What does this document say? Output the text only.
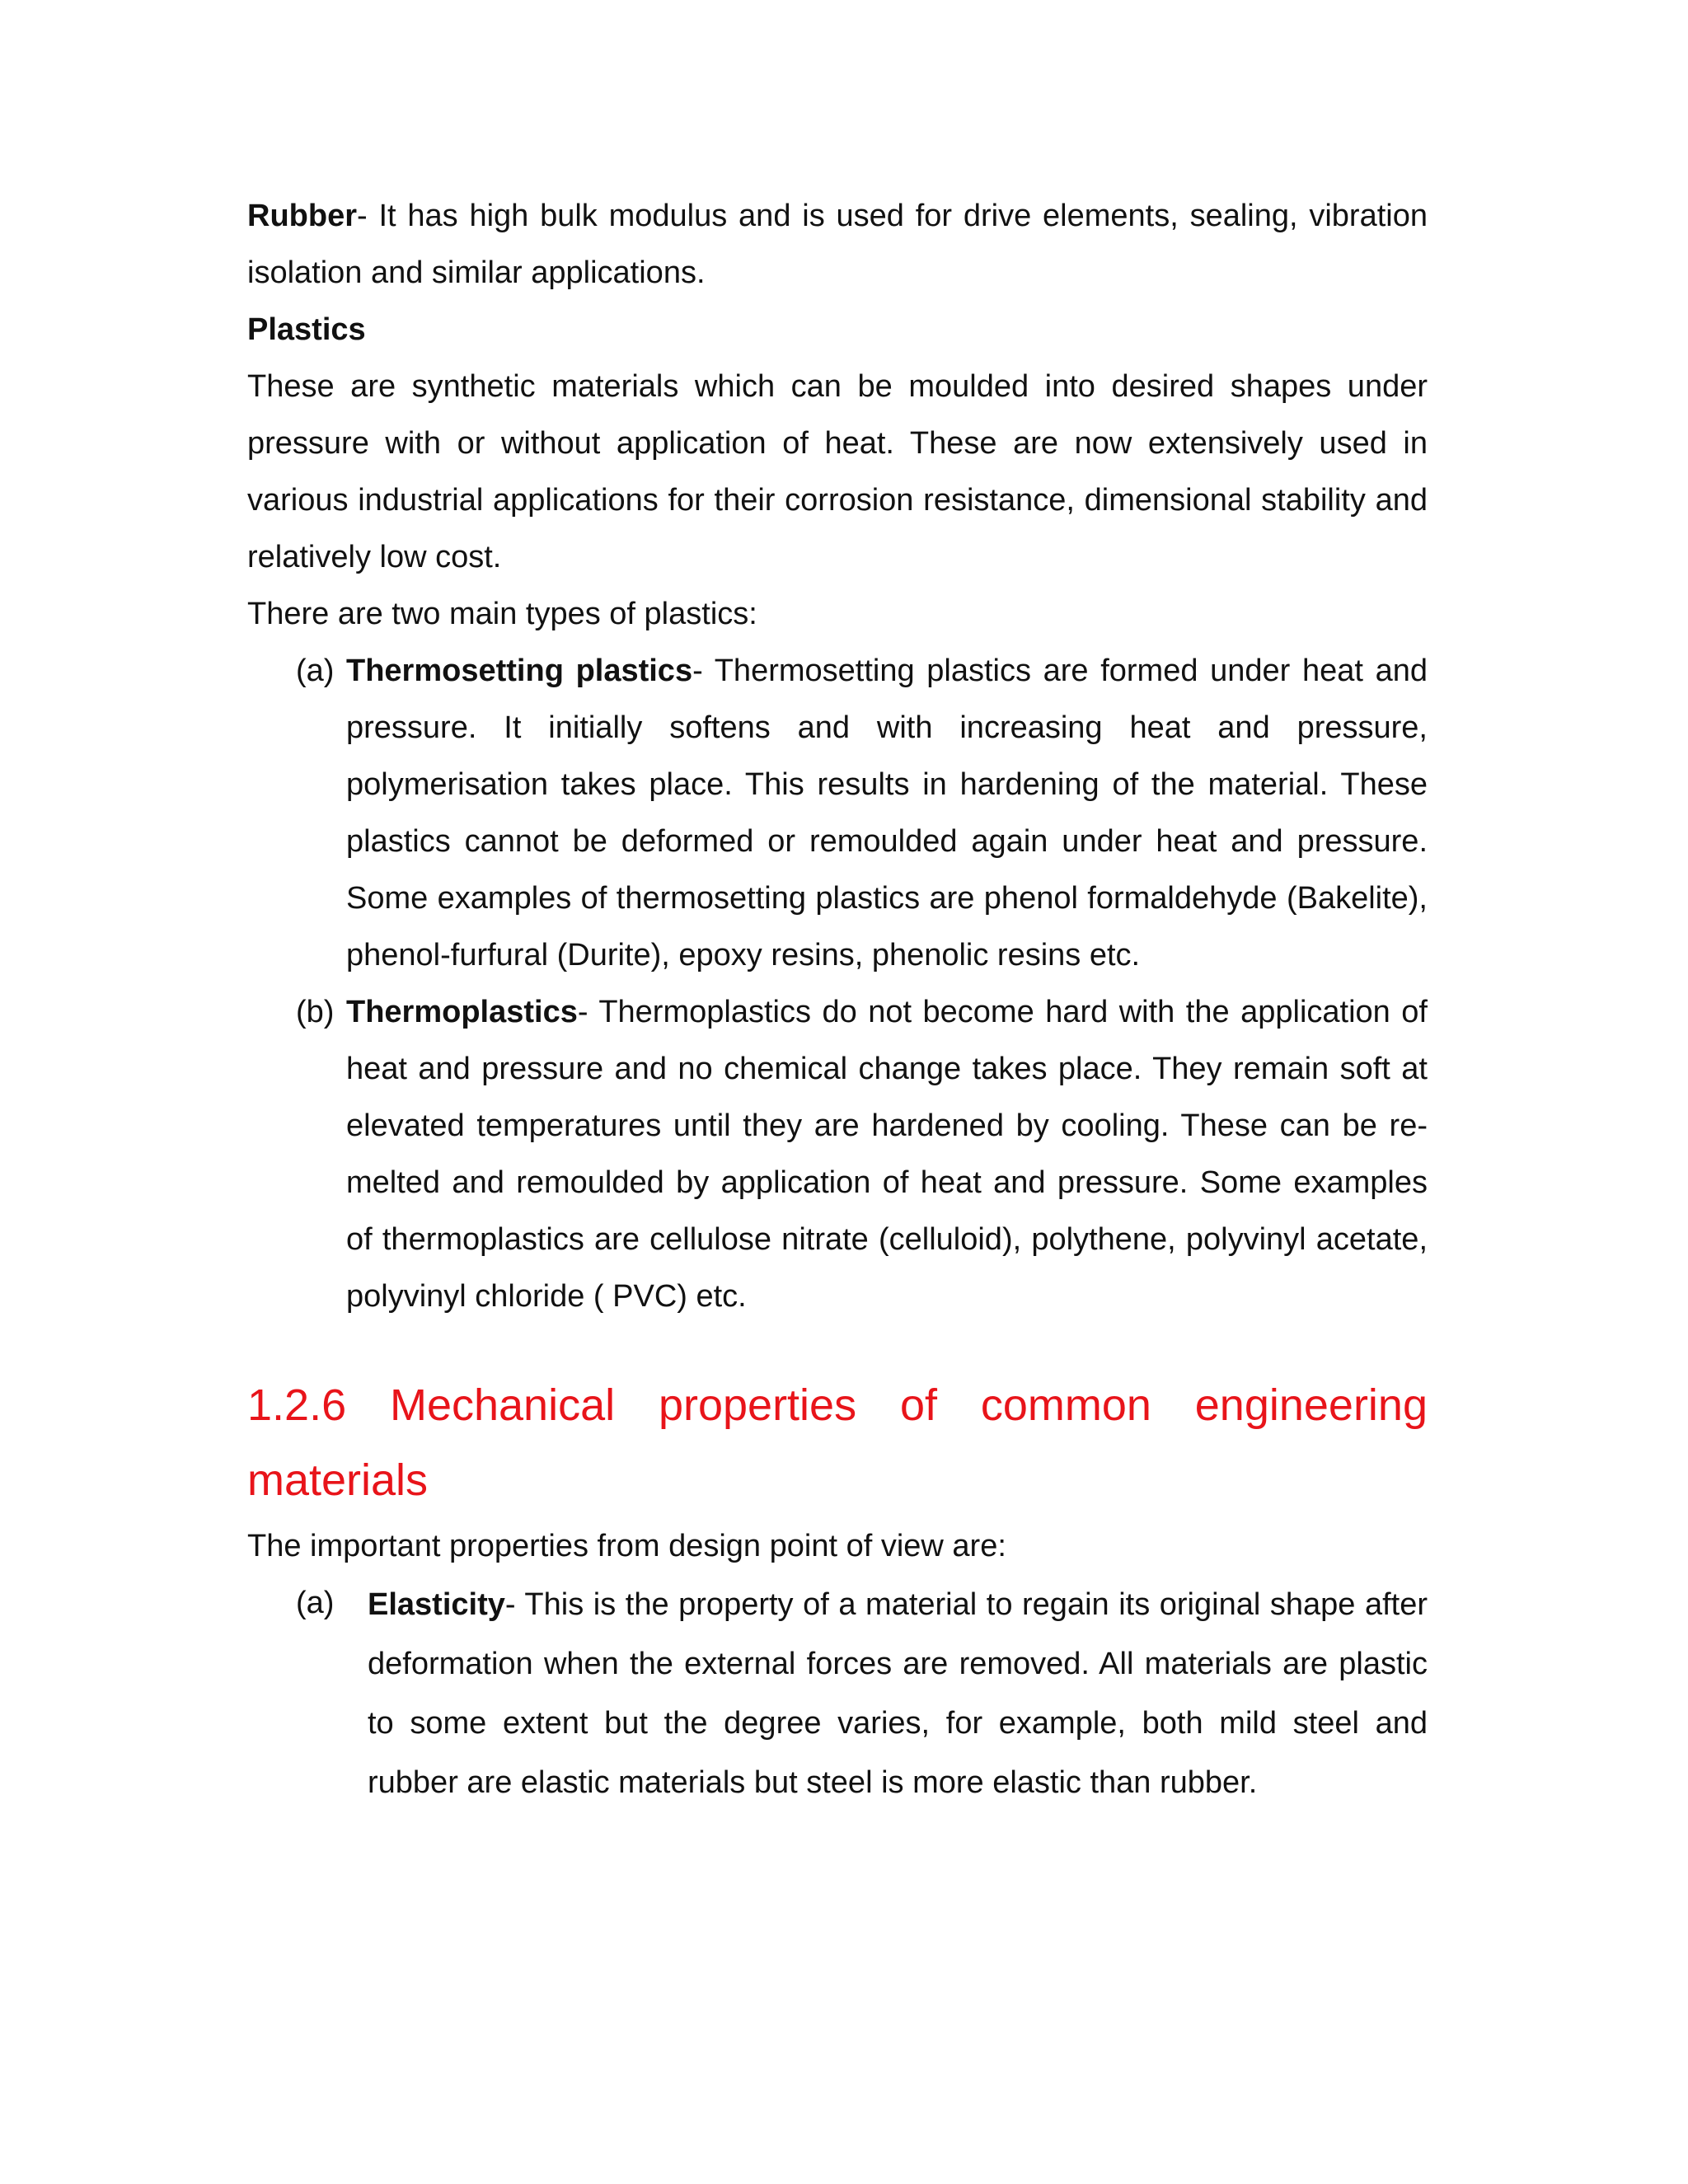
Rubber- It has high bulk modulus and is used for drive elements, sealing, vibration isolation and similar applications.

Plastics

These are synthetic materials which can be moulded into desired shapes under pressure with or without application of heat. These are now extensively used in various industrial applications for their corrosion resistance, dimensional stability and relatively low cost.

There are two main types of plastics:

(a) Thermosetting plastics- Thermosetting plastics are formed under heat and pressure. It initially softens and with increasing heat and pressure, polymerisation takes place. This results in hardening of the material. These plastics cannot be deformed or remoulded again under heat and pressure. Some examples of thermosetting plastics are phenol formaldehyde (Bakelite), phenol-furfural (Durite), epoxy resins, phenolic resins etc.
(b) Thermoplastics- Thermoplastics do not become hard with the application of heat and pressure and no chemical change takes place. They remain soft at elevated temperatures until they are hardened by cooling. These can be re-melted and remoulded by application of heat and pressure. Some examples of thermoplastics are cellulose nitrate (celluloid), polythene, polyvinyl acetate, polyvinyl chloride ( PVC) etc.

1.2.6 Mechanical properties of common engineering materials

The important properties from design point of view are:

(a) Elasticity- This is the property of a material to regain its original shape after deformation when the external forces are removed. All materials are plastic to some extent but the degree varies, for example, both mild steel and rubber are elastic materials but steel is more elastic than rubber.
